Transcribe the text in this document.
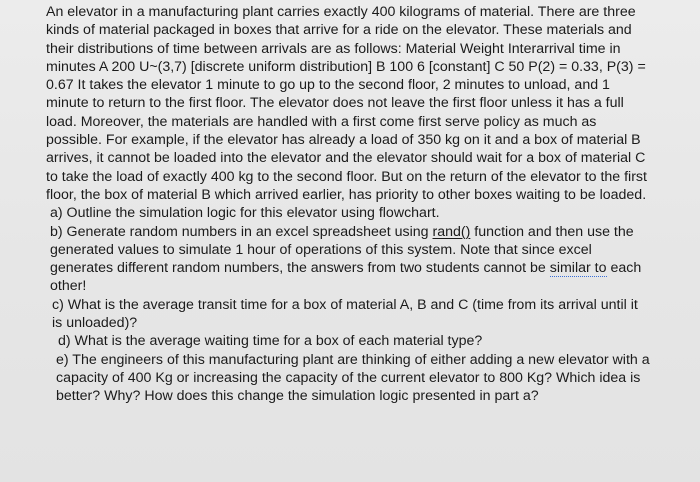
An elevator in a manufacturing plant carries exactly 400 kilograms of material. There are three kinds of material packaged in boxes that arrive for a ride on the elevator. These materials and their distributions of time between arrivals are as follows: Material Weight Interarrival time in minutes A 200 U~(3,7) [discrete uniform distribution] B 100 6 [constant] C 50 P(2) = 0.33, P(3) = 0.67 It takes the elevator 1 minute to go up to the second floor, 2 minutes to unload, and 1 minute to return to the first floor. The elevator does not leave the first floor unless it has a full load. Moreover, the materials are handled with a first come first serve policy as much as possible. For example, if the elevator has already a load of 350 kg on it and a box of material B arrives, it cannot be loaded into the elevator and the elevator should wait for a box of material C to take the load of exactly 400 kg to the second floor. But on the return of the elevator to the first floor, the box of material B which arrived earlier, has priority to other boxes waiting to be loaded.

a) Outline the simulation logic for this elevator using flowchart.

b) Generate random numbers in an excel spreadsheet using rand() function and then use the generated values to simulate 1 hour of operations of this system. Note that since excel generates different random numbers, the answers from two students cannot be similar to each other!

c) What is the average transit time for a box of material A, B and C (time from its arrival until it is unloaded)?

d) What is the average waiting time for a box of each material type?

e) The engineers of this manufacturing plant are thinking of either adding a new elevator with a capacity of 400 Kg or increasing the capacity of the current elevator to 800 Kg? Which idea is better? Why? How does this change the simulation logic presented in part a?
